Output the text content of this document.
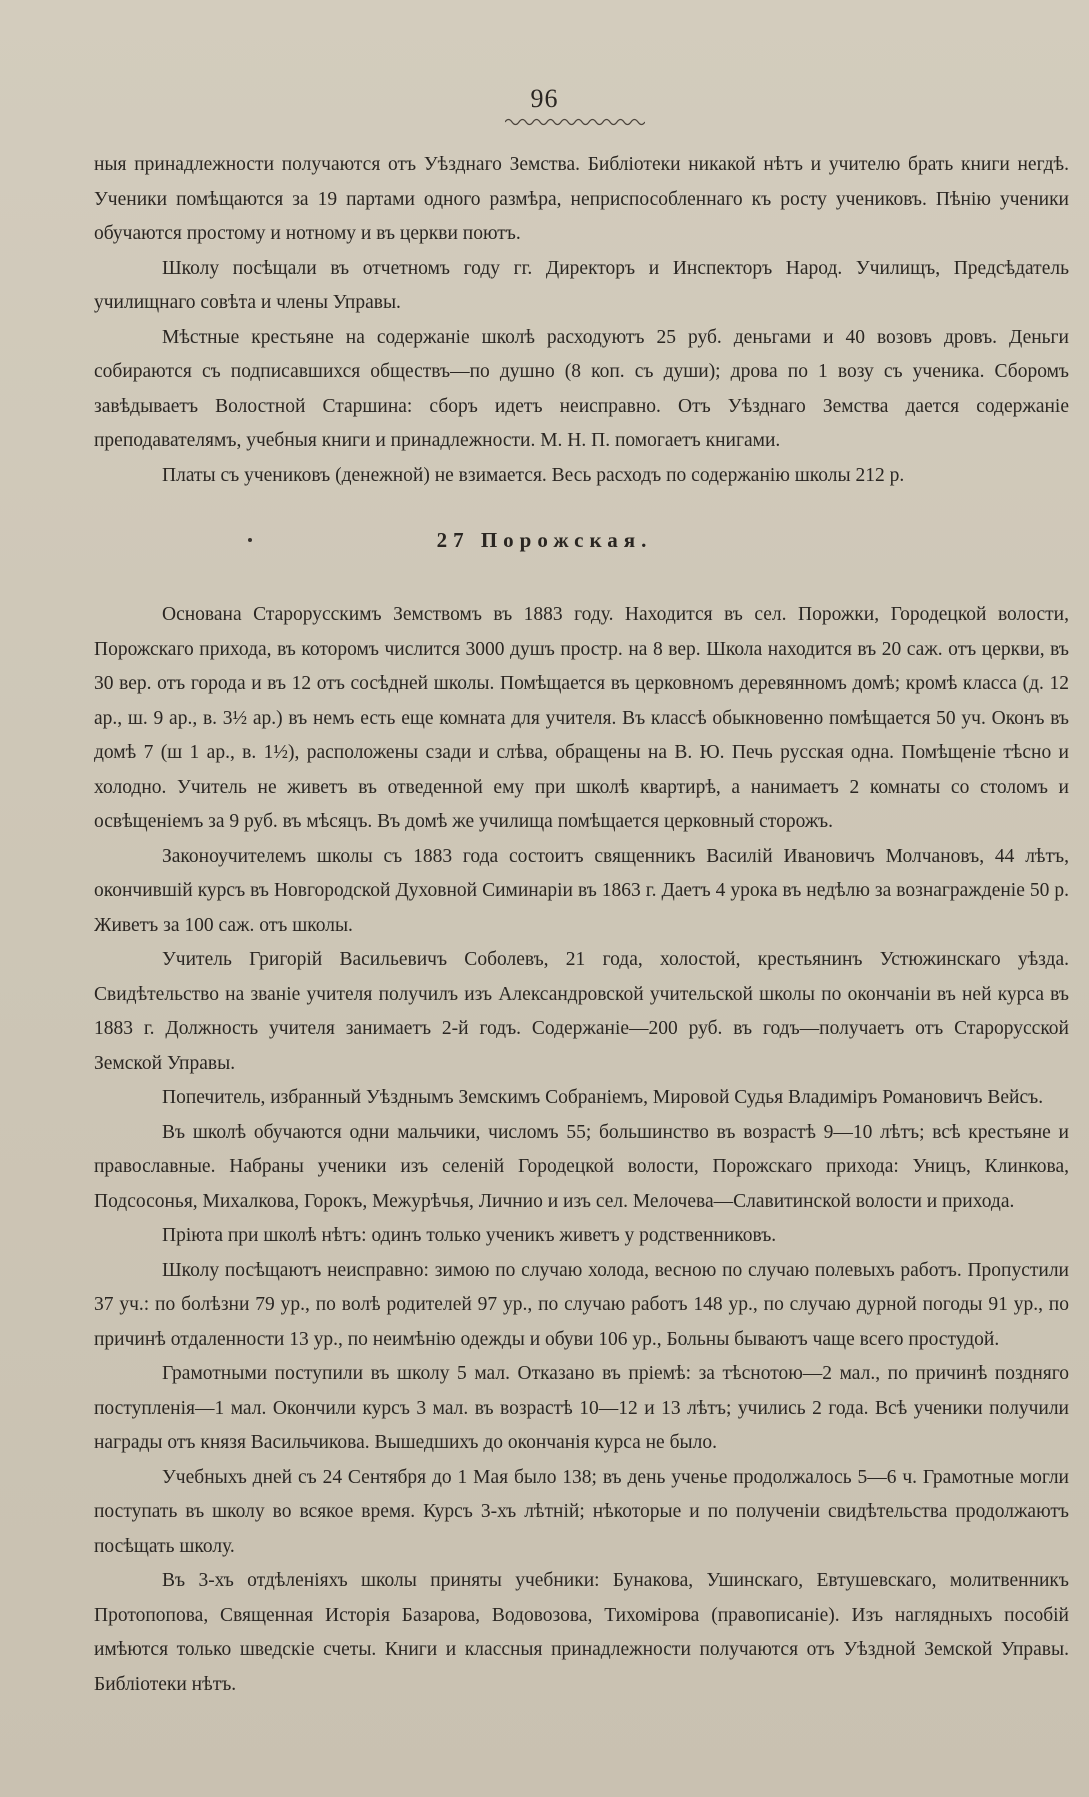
96

ныя принадлежности получаются отъ Уѣзднаго Земства. Библіотеки никакой нѣтъ и учителю брать книги негдѣ. Ученики помѣщаются за 19 партами одного размѣра, неприспособленнаго къ росту учениковъ. Пѣнію ученики обучаются простому и нотному и въ церкви поютъ.

Школу посѣщали въ отчетномъ году гг. Директоръ и Инспекторъ Народ. Училищъ, Предсѣдатель училищнаго совѣта и члены Управы.

Мѣстные крестьяне на содержаніе школѣ расходуютъ 25 руб. деньгами и 40 возовъ дровъ. Деньги собираются съ подписавшихся обществъ—по душно (8 коп. съ души); дрова по 1 возу съ ученика. Сборомъ завѣдываетъ Волостной Старшина: сборъ идетъ неисправно. Отъ Уѣзднаго Земства дается содержаніе преподавателямъ, учебныя книги и принадлежности. М. Н. П. помогаетъ книгами.

Платы съ учениковъ (денежной) не взимается. Весь расходъ по содержанію школы 212 р.

27 Порожская.

Основана Старорусскимъ Земствомъ въ 1883 году. Находится въ сел. Порожки, Городецкой волости, Порожскаго прихода, въ которомъ числится 3000 душъ простр. на 8 вер. Школа находится въ 20 саж. отъ церкви, въ 30 вер. отъ города и въ 12 отъ сосѣдней школы. Помѣщается въ церковномъ деревянномъ домѣ; кромѣ класса (д. 12 ар., ш. 9 ар., в. 3½ ар.) въ немъ есть еще комната для учителя. Въ классѣ обыкновенно помѣщается 50 уч. Оконъ въ домѣ 7 (ш 1 ар., в. 1½), расположены сзади и слѣва, обращены на В. Ю. Печь русская одна. Помѣщеніе тѣсно и холодно. Учитель не живетъ въ отведенной ему при школѣ квартирѣ, а нанимаетъ 2 комнаты со столомъ и освѣщеніемъ за 9 руб. въ мѣсяцъ. Въ домѣ же училища помѣщается церковный сторожъ.

Законоучителемъ школы съ 1883 года состоитъ священникъ Василій Ивановичъ Молчановъ, 44 лѣтъ, окончившій курсъ въ Новгородской Духовной Симинаріи въ 1863 г. Даетъ 4 урока въ недѣлю за вознагражденіе 50 р. Живетъ за 100 саж. отъ школы.

Учитель Григорій Васильевичъ Соболевъ, 21 года, холостой, крестьянинъ Устюжинскаго уѣзда. Свидѣтельство на званіе учителя получилъ изъ Александровской учительской школы по окончаніи въ ней курса въ 1883 г. Должность учителя занимаетъ 2-й годъ. Содержаніе—200 руб. въ годъ—получаетъ отъ Старорусской Земской Управы.

Попечитель, избранный Уѣзднымъ Земскимъ Собраніемъ, Мировой Судья Владиміръ Романовичъ Вейсъ.

Въ школѣ обучаются одни мальчики, числомъ 55; большинство въ возрастѣ 9—10 лѣтъ; всѣ крестьяне и православные. Набраны ученики изъ селеній Городецкой волости, Порожскаго прихода: Уницъ, Клинкова, Подсосонья, Михалкова, Горокъ, Межурѣчья, Личнио и изъ сел. Мелочева—Славитинской волости и прихода.

Пріюта при школѣ нѣтъ: одинъ только ученикъ живетъ у родственниковъ.

Школу посѣщаютъ неисправно: зимою по случаю холода, весною по случаю полевыхъ работъ. Пропустили 37 уч.: по болѣзни 79 ур., по волѣ родителей 97 ур., по случаю работъ 148 ур., по случаю дурной погоды 91 ур., по причинѣ отдаленности 13 ур., по неимѣнію одежды и обуви 106 ур., Больны бываютъ чаще всего простудой.

Грамотными поступили въ школу 5 мал. Отказано въ пріемѣ: за тѣснотою—2 мал., по причинѣ поздняго поступленія—1 мал. Окончили курсъ 3 мал. въ возрастѣ 10—12 и 13 лѣтъ; учились 2 года. Всѣ ученики получили награды отъ князя Васильчикова. Вышедшихъ до окончанія курса не было.

Учебныхъ дней съ 24 Сентября до 1 Мая было 138; въ день ученье продолжалось 5—6 ч. Грамотные могли поступать въ школу во всякое время. Курсъ 3-хъ лѣтній; нѣкоторые и по полученіи свидѣтельства продолжаютъ посѣщать школу.

Въ 3-хъ отдѣленіяхъ школы приняты учебники: Бунакова, Ушинскаго, Евтушевскаго, молитвенникъ Протопопова, Священная Исторія Базарова, Водовозова, Тихомірова (правописаніе). Изъ наглядныхъ пособій имѣются только шведскіе счеты. Книги и классныя принадлежности получаются отъ Уѣздной Земской Управы. Библіотеки нѣтъ.
